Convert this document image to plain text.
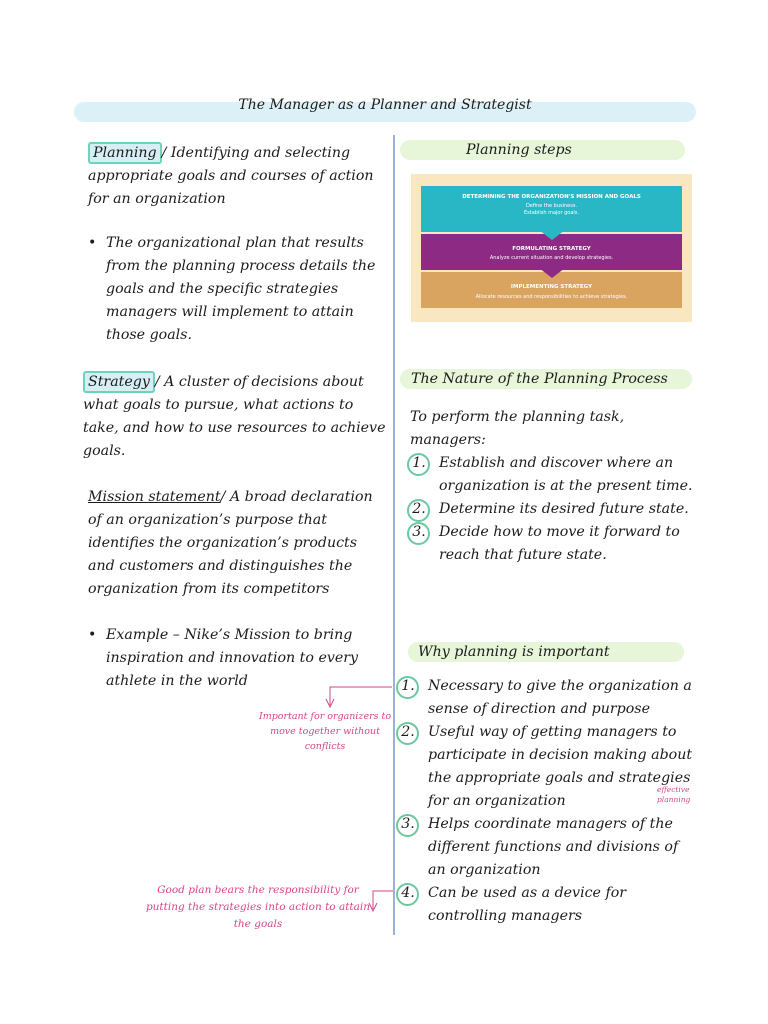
The Manager as a Planner and Strategist
Planning / Identifying and selecting appropriate goals and courses of action for an organization
• The organizational plan that results from the planning process details the goals and the specific strategies managers will implement to attain those goals.
Strategy / A cluster of decisions about what goals to pursue, what actions to take, and how to use resources to achieve goals.
Mission statement/ A broad declaration of an organization’s purpose that identifies the organization’s products and customers and distinguishes the organization from its competitors
• Example – Nike’s Mission to bring inspiration and innovation to every athlete in the world
Important for organizers to move together without conflicts
Good plan bears the responsibility for putting the strategies into action to attain the goals
Planning steps
DETERMINING THE ORGANIZATION'S MISSION AND GOALS
Define the business.
Establish major goals.
FORMULATING STRATEGY
Analyze current situation and develop strategies.
IMPLEMENTING STRATEGY
Allocate resources and responsibilities to achieve strategies.
The Nature of the Planning Process
To perform the planning task, managers:
1. Establish and discover where an organization is at the present time.
2. Determine its desired future state.
3. Decide how to move it forward to reach that future state.
Why planning is important
1. Necessary to give the organization a sense of direction and purpose
2. Useful way of getting managers to participate in decision making about the appropriate goals and strategies for an organization
3. Helps coordinate managers of the different functions and divisions of an organization
4. Can be used as a device for controlling managers
effective planning
